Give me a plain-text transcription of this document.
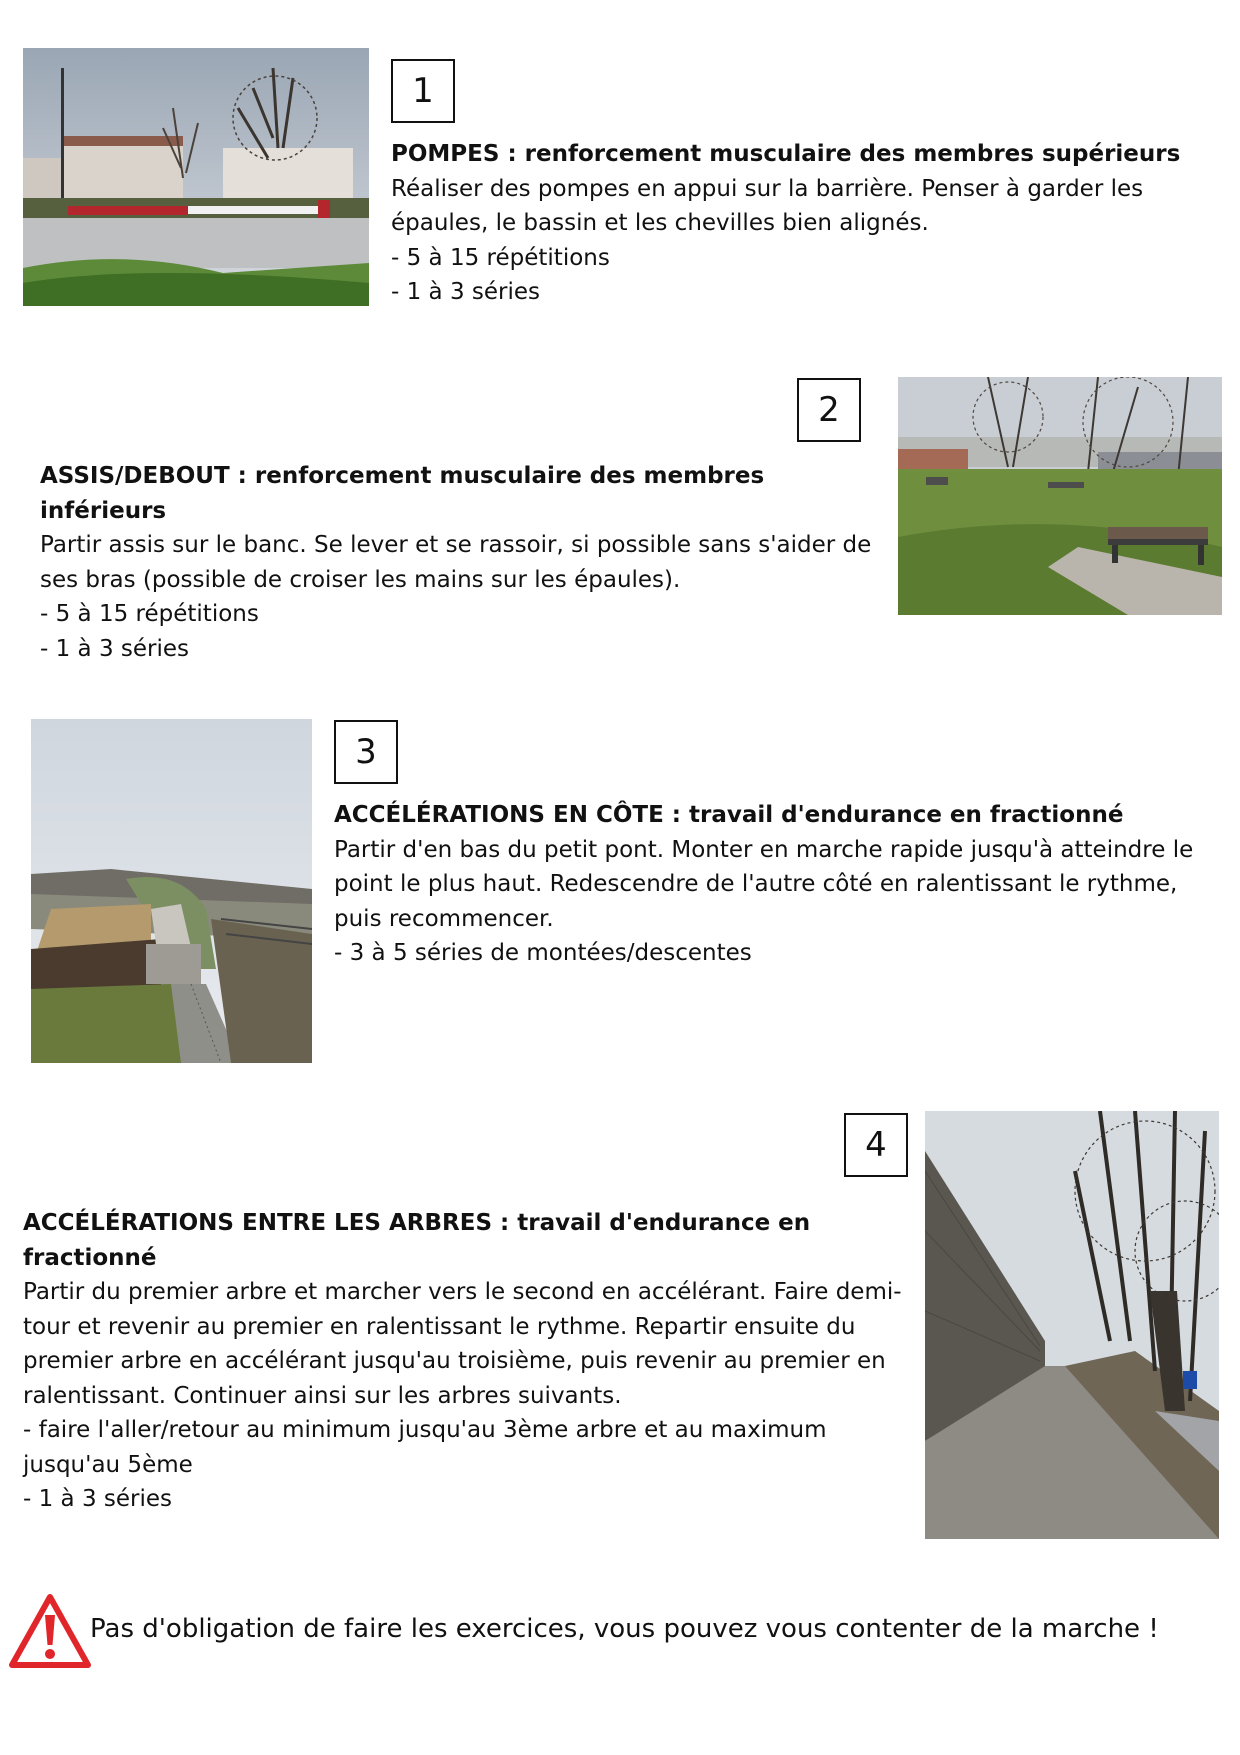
1
POMPES : renforcement musculaire des membres supérieurs
Réaliser des pompes en appui sur la barrière. Penser à garder les
épaules, le bassin et les chevilles bien alignés.
- 5 à 15 répétitions
- 1 à 3 séries
2
ASSIS/DEBOUT : renforcement musculaire des membres inférieurs
Partir assis sur le banc. Se lever et se rassoir, si possible sans s'aider de
ses bras (possible de croiser les mains sur les épaules).
- 5 à 15 répétitions
- 1 à 3 séries
3
ACCÉLÉRATIONS EN CÔTE : travail d'endurance en fractionné
Partir d'en bas du petit pont. Monter en marche rapide jusqu'à atteindre le
point le plus haut. Redescendre de l'autre côté en ralentissant le rythme,
puis recommencer.
- 3 à 5 séries de montées/descentes
4
ACCÉLÉRATIONS ENTRE LES ARBRES : travail d'endurance en fractionné
Partir du premier arbre et marcher vers le second en accélérant. Faire demi-
tour et revenir au premier en ralentissant le rythme. Repartir ensuite du
premier arbre en accélérant jusqu'au troisième, puis revenir au premier en
ralentissant. Continuer ainsi sur les arbres suivants.
- faire l'aller/retour au minimum jusqu'au 3ème arbre et au maximum
jusqu'au 5ème
- 1 à 3 séries
Pas d'obligation de faire les exercices, vous pouvez vous contenter de la marche !
